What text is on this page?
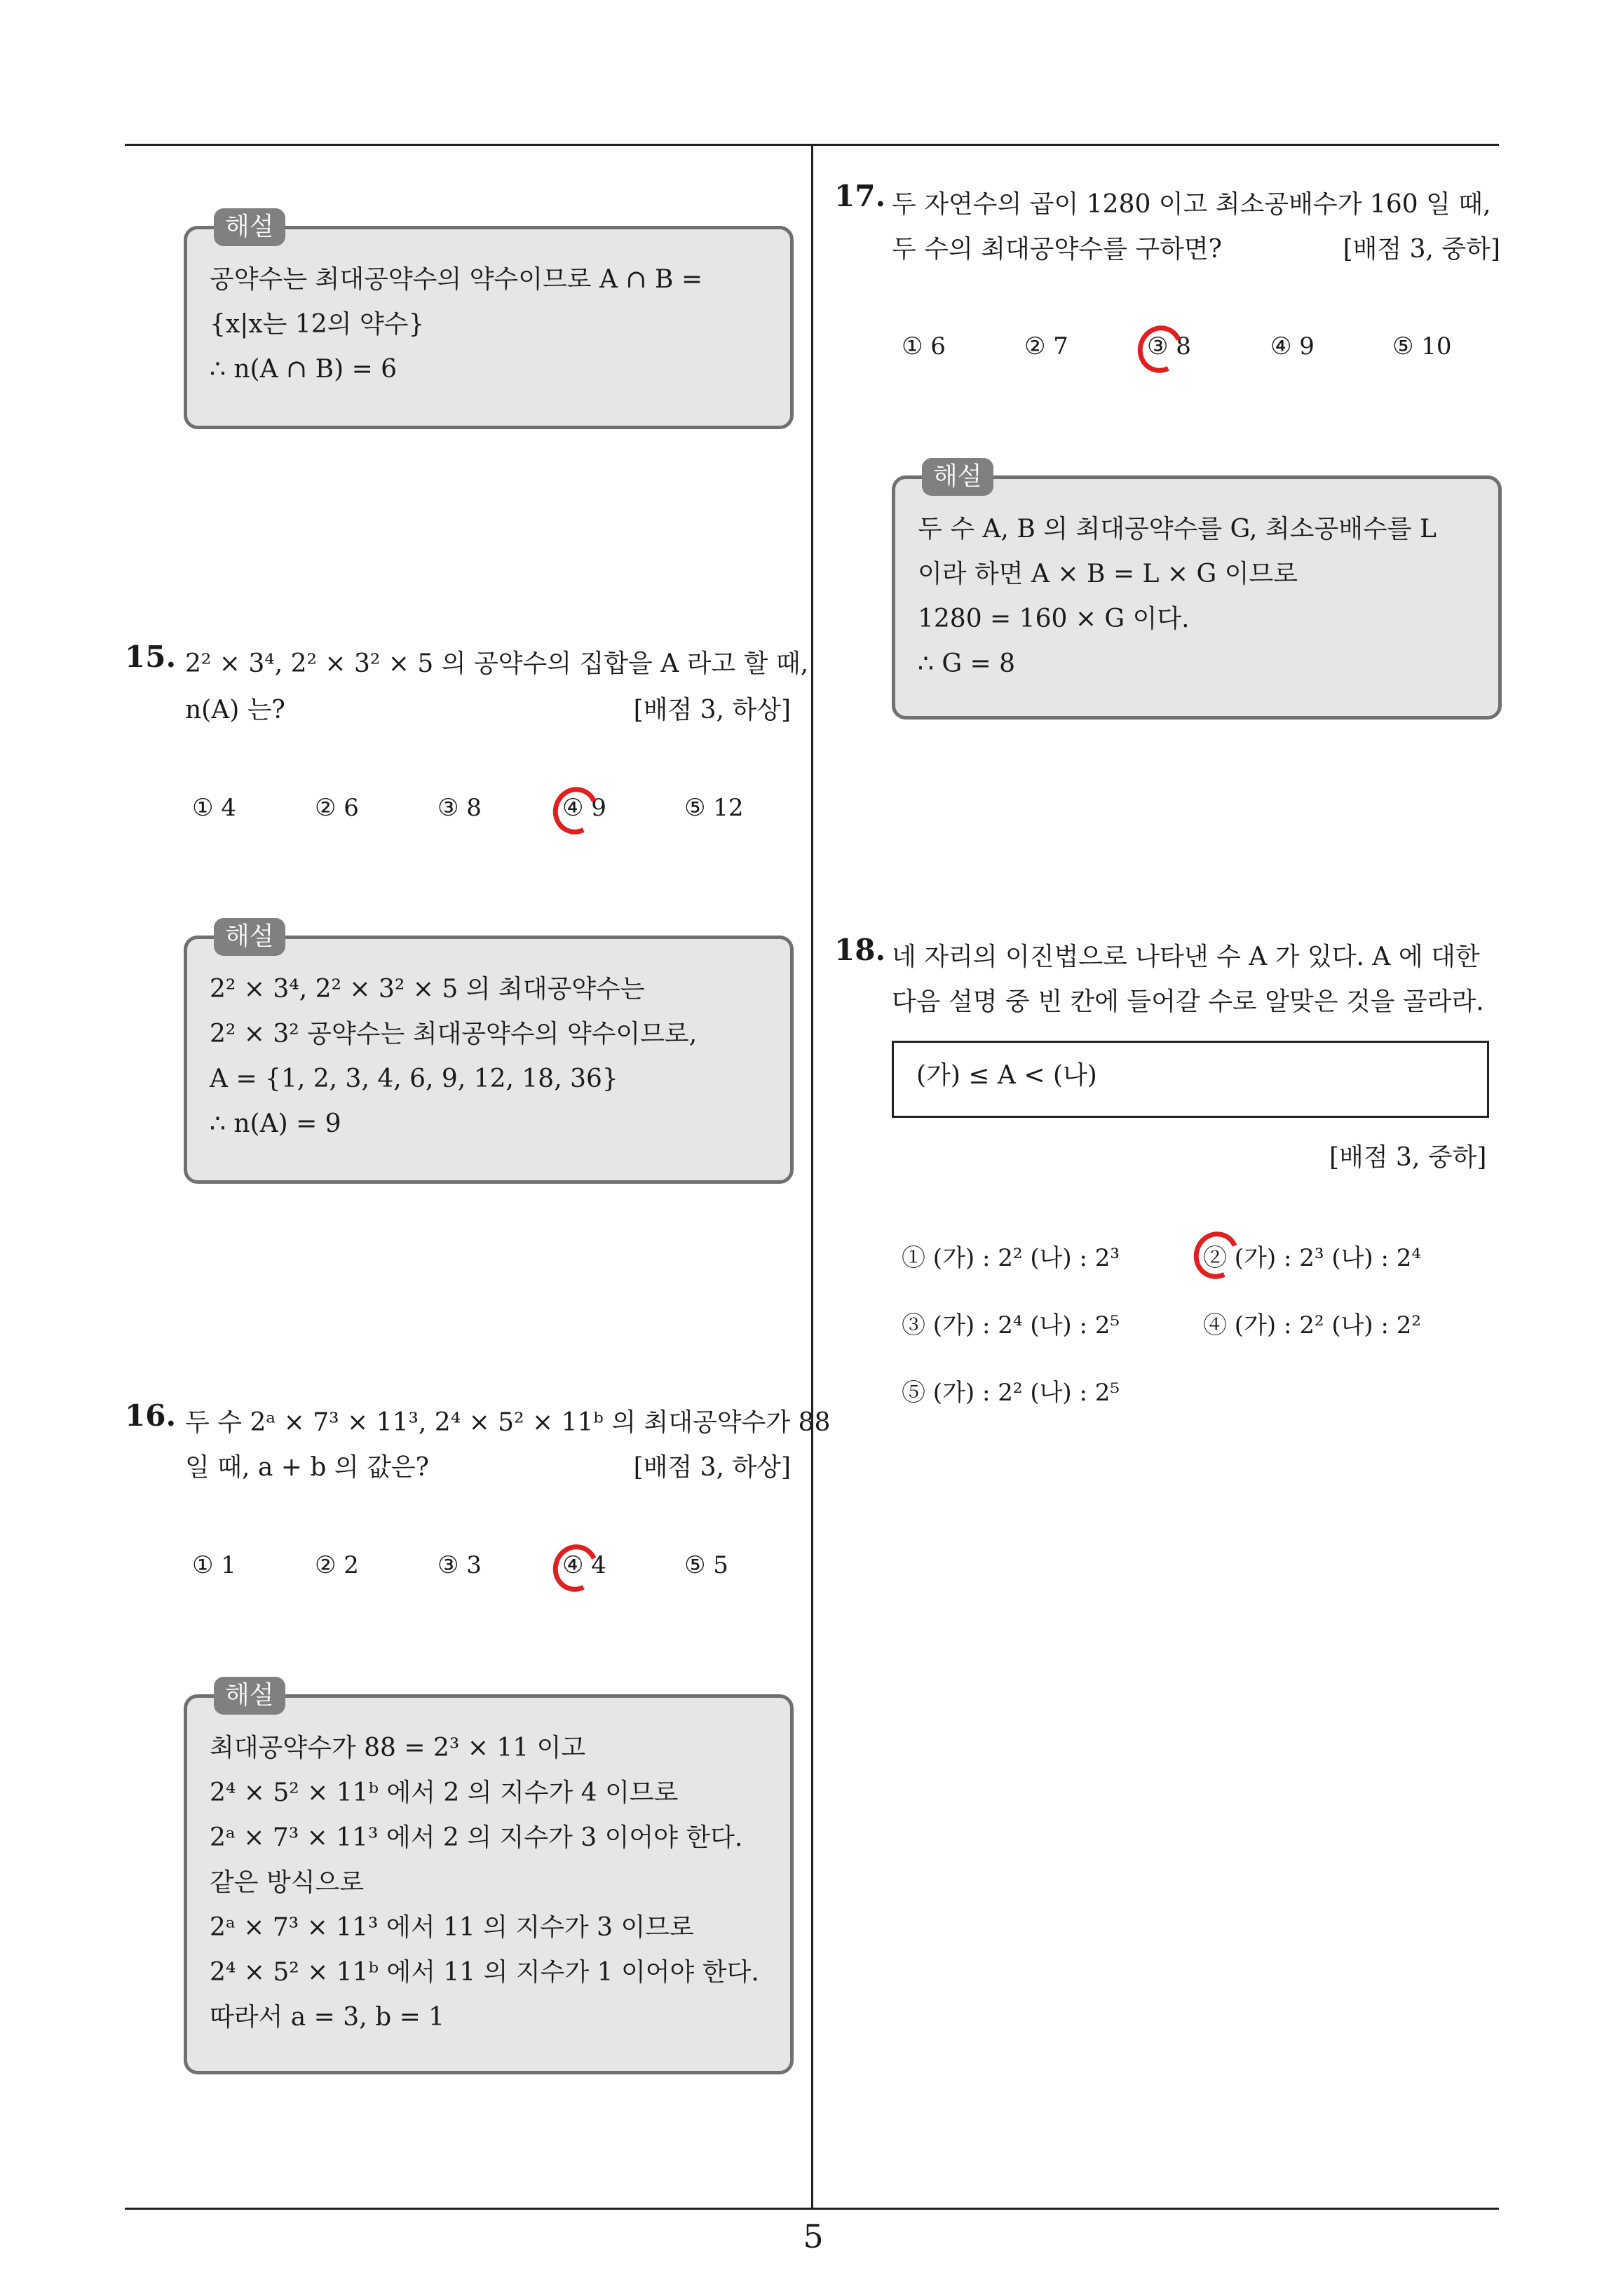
해설
공약수는 최대공약수의 약수이므로 A ∩ B =
{x|x는 12의 약수}
∴ n(A ∩ B) = 6
15. 2² × 3⁴, 2² × 3² × 5 의 공약수의 집합을 A 라고 할 때,
n(A) 는?	[배점 3, 하상]
① 4	② 6	③ 8	④ 9	⑤ 12
해설
2² × 3⁴, 2² × 3² × 5 의 최대공약수는
2² × 3² 공약수는 최대공약수의 약수이므로,
A = {1, 2, 3, 4, 6, 9, 12, 18, 36}
∴ n(A) = 9
16. 두 수 2ᵃ × 7³ × 11³, 2⁴ × 5² × 11ᵇ 의 최대공약수가 88
일 때, a + b 의 값은?	[배점 3, 하상]
① 1	② 2	③ 3	④ 4	⑤ 5
해설
최대공약수가 88 = 2³ × 11 이고
2⁴ × 5² × 11ᵇ 에서 2 의 지수가 4 이므로
2ᵃ × 7³ × 11³ 에서 2 의 지수가 3 이어야 한다.
같은 방식으로
2ᵃ × 7³ × 11³ 에서 11 의 지수가 3 이므로
2⁴ × 5² × 11ᵇ 에서 11 의 지수가 1 이어야 한다.
따라서 a = 3, b = 1
17. 두 자연수의 곱이 1280 이고 최소공배수가 160 일 때,
두 수의 최대공약수를 구하면?	[배점 3, 중하]
① 6	② 7	③ 8	④ 9	⑤ 10
해설
두 수 A, B 의 최대공약수를 G, 최소공배수를 L
이라 하면 A × B = L × G 이므로
1280 = 160 × G 이다.
∴ G = 8
18. 네 자리의 이진법으로 나타낸 수 A 가 있다. A 에 대한
다음 설명 중 빈 칸에 들어갈 수로 알맞은 것을 골라라.
(가) ≤ A < (나)
[배점 3, 중하]
① (가) : 2² (나) : 2³	② (가) : 2³ (나) : 2⁴
③ (가) : 2⁴ (나) : 2⁵	④ (가) : 2² (나) : 2²
⑤ (가) : 2² (나) : 2⁵
5
